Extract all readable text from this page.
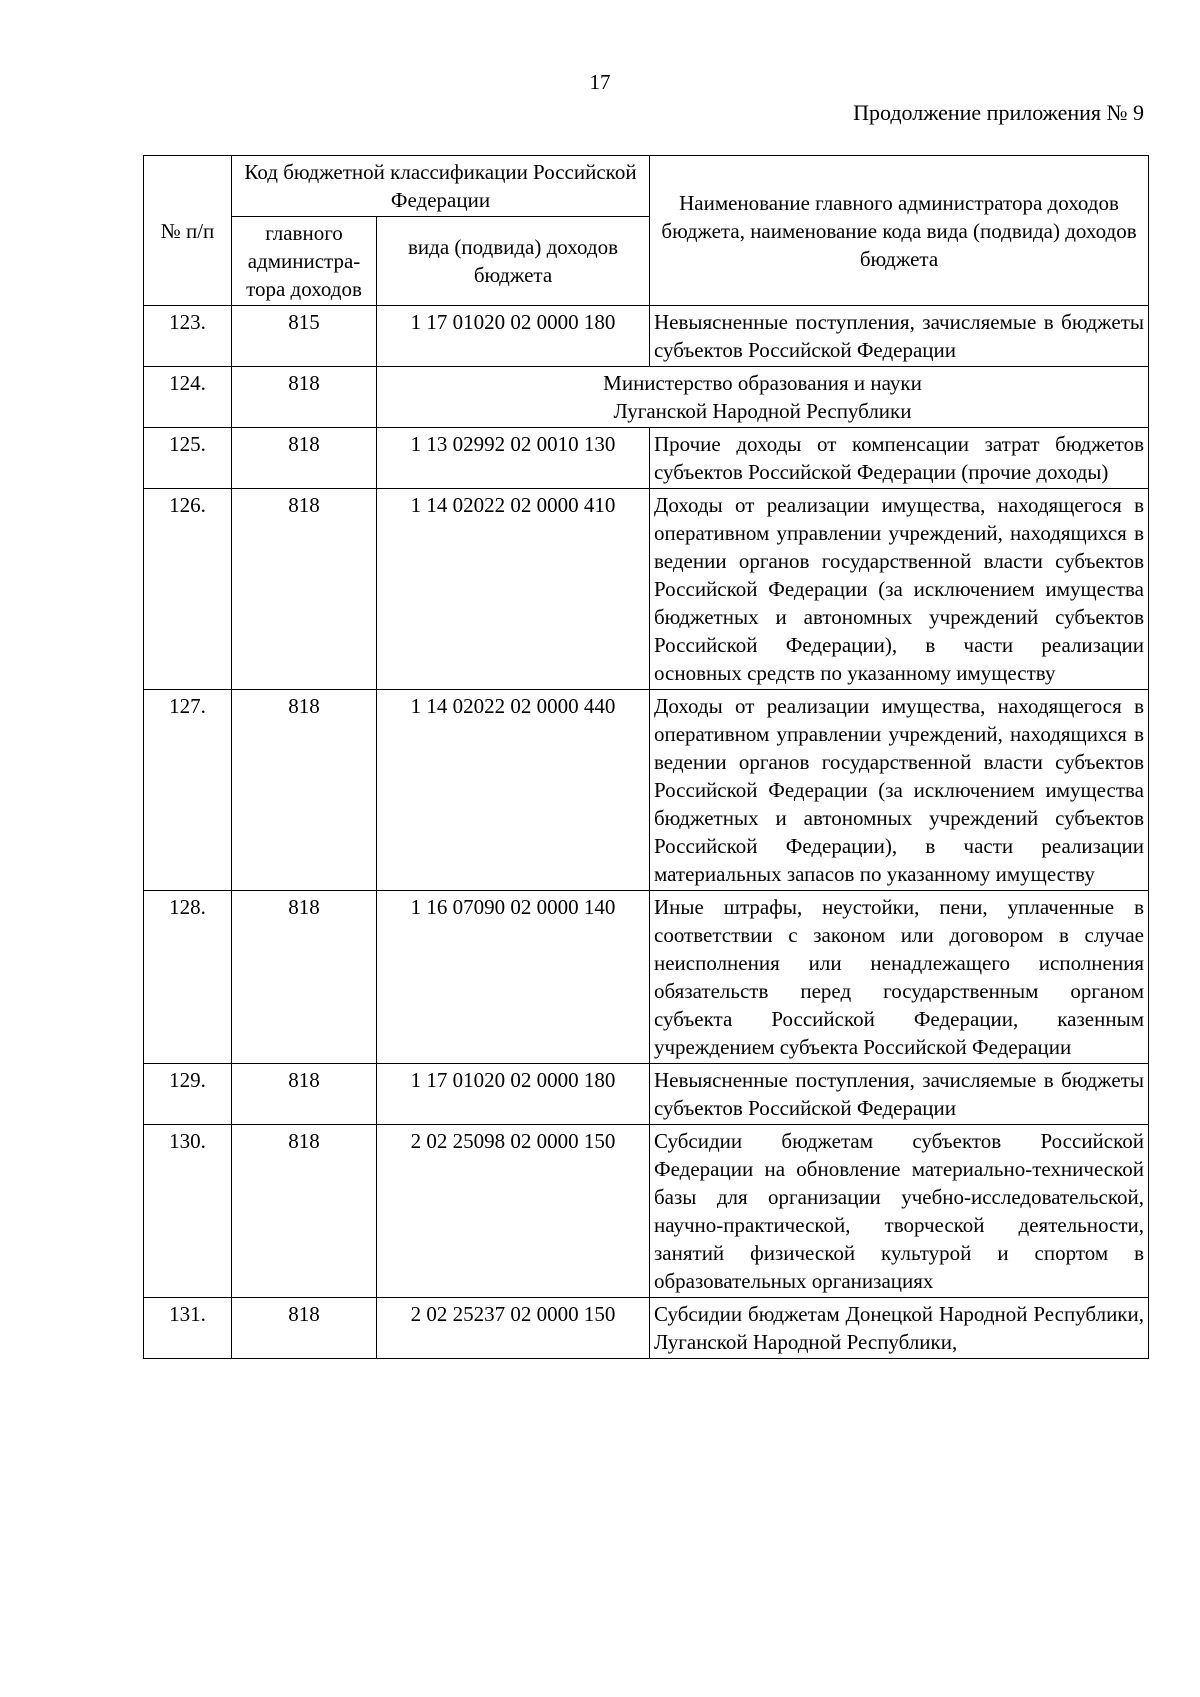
17
Продолжение приложения № 9
№ п/п	Код бюджетной классификации Российской Федерации		Наименование главного администратора доходов бюджета, наименование кода вида (подвида) доходов бюджета
	главного администра-тора доходов	вида (подвида) доходов бюджета	
123.	815	1 17 01020 02 0000 180	Невыясненные поступления, зачисляемые в бюджеты субъектов Российской Федерации
124.	818	Министерство образования и науки
Луганской Народной Республики	
125.	818	1 13 02992 02 0010 130	Прочие доходы от компенсации затрат бюджетов субъектов Российской Федерации (прочие доходы)
126.	818	1 14 02022 02 0000 410	Доходы от реализации имущества, находящегося в оперативном управлении учреждений, находящихся в ведении органов государственной власти субъектов Российской Федерации (за исключением имущества бюджетных и автономных учреждений субъектов Российской Федерации), в части реализации основных средств по указанному имуществу
127.	818	1 14 02022 02 0000 440	Доходы от реализации имущества, находящегося в оперативном управлении учреждений, находящихся в ведении органов государственной власти субъектов Российской Федерации (за исключением имущества бюджетных и автономных учреждений субъектов Российской Федерации), в части реализации материальных запасов по указанному имуществу
128.	818	1 16 07090 02 0000 140	Иные штрафы, неустойки, пени, уплаченные в соответствии с законом или договором в случае неисполнения или ненадлежащего исполнения обязательств перед государственным органом субъекта Российской Федерации, казенным учреждением субъекта Российской Федерации
129.	818	1 17 01020 02 0000 180	Невыясненные поступления, зачисляемые в бюджеты субъектов Российской Федерации
130.	818	2 02 25098 02 0000 150	Субсидии бюджетам субъектов Российской Федерации на обновление материально-технической базы для организации учебно-исследовательской, научно-практической, творческой деятельности, занятий физической культурой и спортом в образовательных организациях
131.	818	2 02 25237 02 0000 150	Субсидии бюджетам Донецкой Народной Республики, Луганской Народной Республики,
